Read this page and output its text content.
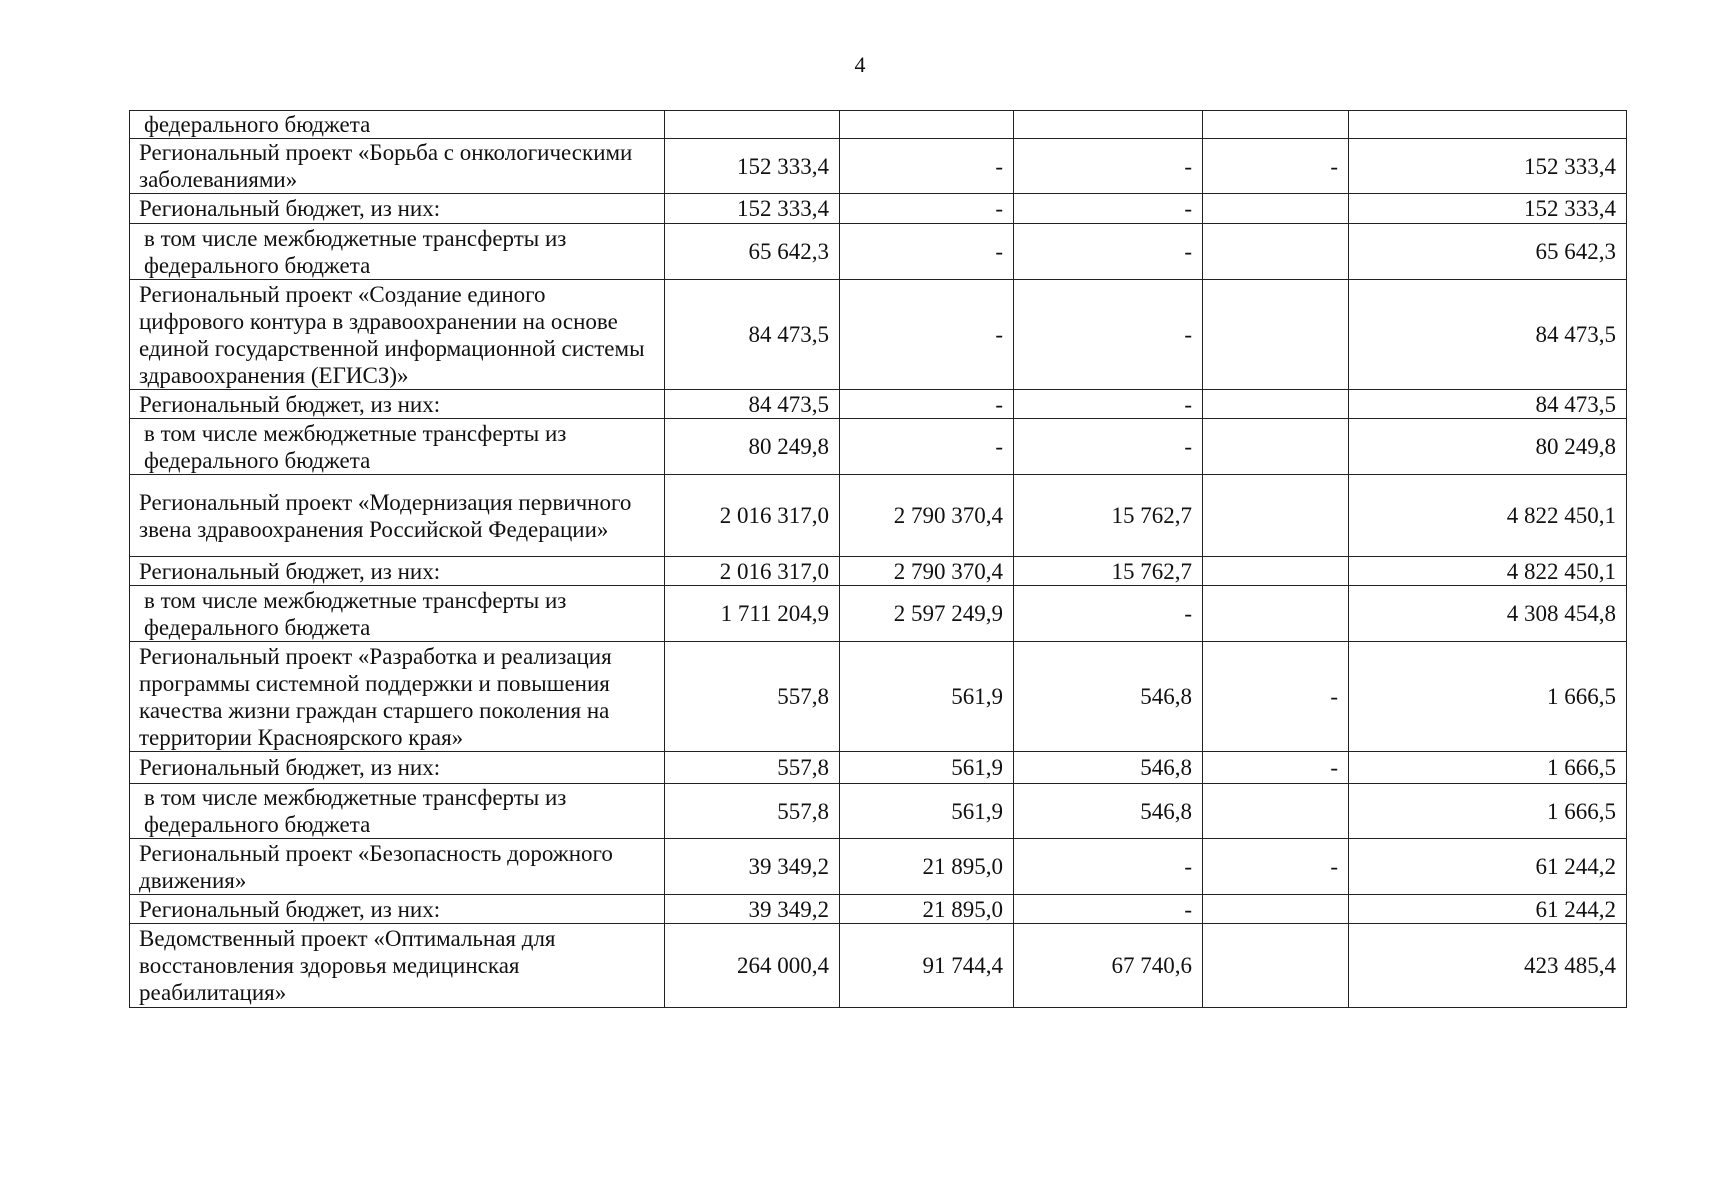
4
федерального бюджета					
Региональный проект «Борьба с онкологическими заболеваниями»	152 333,4	-	-	-	152 333,4
Региональный бюджет, из них:	152 333,4	-	-		152 333,4
в том числе межбюджетные трансферты из федерального бюджета	65 642,3	-	-		65 642,3
Региональный проект «Создание единого цифрового контура в здравоохранении на основе единой государственной информационной системы здравоохранения (ЕГИСЗ)»	84 473,5	-	-		84 473,5
Региональный бюджет, из них:	84 473,5	-	-		84 473,5
в том числе межбюджетные трансферты из федерального бюджета	80 249,8	-	-		80 249,8
Региональный проект «Модернизация первичного звена здравоохранения Российской Федерации»	2 016 317,0	2 790 370,4	15 762,7		4 822 450,1
Региональный бюджет, из них:	2 016 317,0	2 790 370,4	15 762,7		4 822 450,1
в том числе межбюджетные трансферты из федерального бюджета	1 711 204,9	2 597 249,9	-		4 308 454,8
Региональный проект «Разработка и реализация программы системной поддержки и повышения качества жизни граждан старшего поколения на территории Красноярского края»	557,8	561,9	546,8	-	1 666,5
Региональный бюджет, из них:	557,8	561,9	546,8	-	1 666,5
в том числе межбюджетные трансферты из федерального бюджета	557,8	561,9	546,8		1 666,5
Региональный проект «Безопасность дорожного движения»	39 349,2	21 895,0	-	-	61 244,2
Региональный бюджет, из них:	39 349,2	21 895,0	-		61 244,2
Ведомственный проект «Оптимальная для восстановления здоровья медицинская реабилитация»	264 000,4	91 744,4	67 740,6		423 485,4
